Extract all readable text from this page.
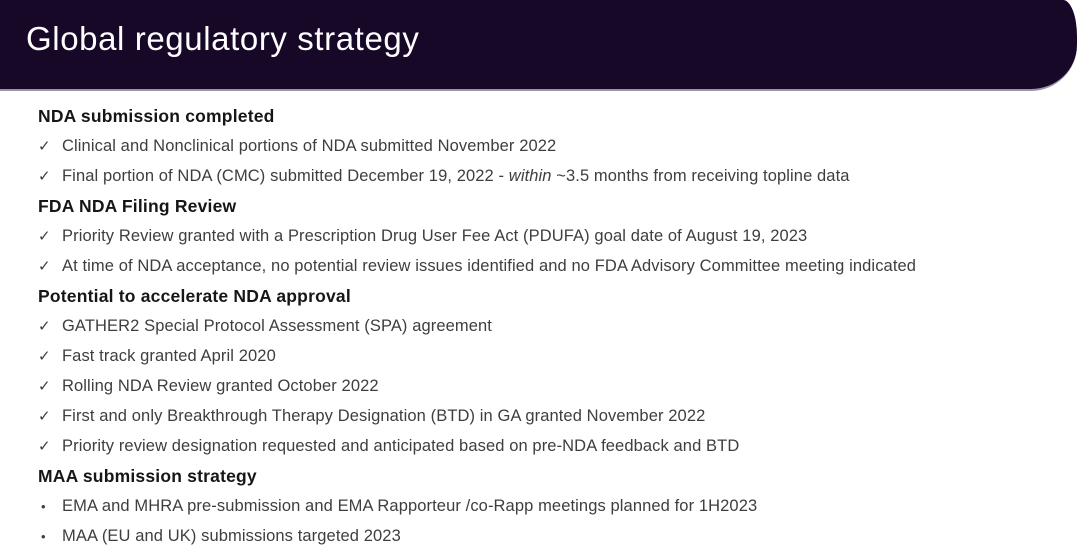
Global regulatory strategy
NDA submission completed
✓ Clinical and Nonclinical portions of NDA submitted November 2022
✓ Final portion of NDA (CMC) submitted December 19, 2022 - within ~3.5 months from receiving topline data
FDA NDA Filing Review
✓ Priority Review granted with a Prescription Drug User Fee Act (PDUFA) goal date of August 19, 2023
✓ At time of NDA acceptance, no potential review issues identified and no FDA Advisory Committee meeting indicated
Potential to accelerate NDA approval
✓ GATHER2 Special Protocol Assessment (SPA) agreement
✓ Fast track granted April 2020
✓ Rolling NDA Review granted October 2022
✓ First and only Breakthrough Therapy Designation (BTD) in GA granted November 2022
✓ Priority review designation requested and anticipated based on pre-NDA feedback and BTD
MAA submission strategy
• EMA and MHRA pre-submission and EMA Rapporteur /co-Rapp meetings planned for 1H2023
• MAA (EU and UK) submissions targeted 2023
